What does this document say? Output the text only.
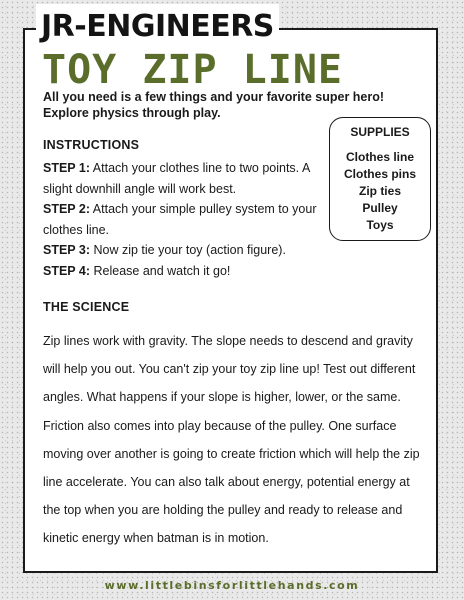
JR-ENGINEERS
TOY ZIP LINE
All you need is a few things and your favorite super hero!
Explore physics through play.
SUPPLIES
Clothes line
Clothes pins
Zip ties
Pulley
Toys
INSTRUCTIONS
STEP 1: Attach your clothes line to two points. A slight downhill angle will work best.
STEP 2: Attach your simple pulley system to your clothes line.
STEP 3: Now zip tie your toy (action figure).
STEP 4: Release and watch it go!
THE SCIENCE

Zip lines work with gravity. The slope needs to descend and gravity will help you out. You can't zip your toy zip line up! Test out different angles. What happens if your slope is higher, lower, or the same. Friction also comes into play because of the pulley. One surface moving over another is going to create friction which will help the zip line accelerate. You can also talk about energy, potential energy at the top when you are holding the pulley and ready to release and kinetic energy when batman is in motion.

www.littlebinsforlittlehands.com
